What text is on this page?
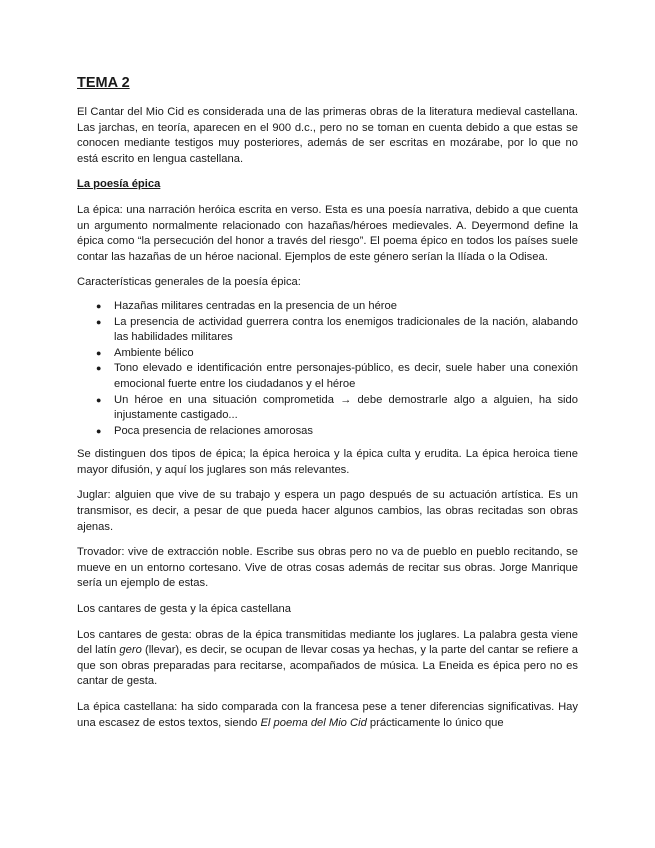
TEMA 2

El Cantar del Mio Cid es considerada una de las primeras obras de la literatura medieval castellana. Las jarchas, en teoría, aparecen en el 900 d.c., pero no se toman en cuenta debido a que estas se conocen mediante testigos muy posteriores, además de ser escritas en mozárabe, por lo que no está escrito en lengua castellana.

La poesía épica

La épica: una narración heróica escrita en verso. Esta es una poesía narrativa, debido a que cuenta un argumento normalmente relacionado con hazañas/héroes medievales. A. Deyermond define la épica como “la persecución del honor a través del riesgo”. El poema épico en todos los países suele contar las hazañas de un héroe nacional. Ejemplos de este género serían la Ilíada o la Odisea.

Características generales de la poesía épica:

● Hazañas militares centradas en la presencia de un héroe
● La presencia de actividad guerrera contra los enemigos tradicionales de la nación, alabando las habilidades militares
● Ambiente bélico
● Tono elevado e identificación entre personajes-público, es decir, suele haber una conexión emocional fuerte entre los ciudadanos y el héroe
● Un héroe en una situación comprometida → debe demostrarle algo a alguien, ha sido injustamente castigado...
● Poca presencia de relaciones amorosas

Se distinguen dos tipos de épica; la épica heroica y la épica culta y erudita. La épica heroica tiene mayor difusión, y aquí los juglares son más relevantes.

Juglar: alguien que vive de su trabajo y espera un pago después de su actuación artística. Es un transmisor, es decir, a pesar de que pueda hacer algunos cambios, las obras recitadas son obras ajenas.

Trovador: vive de extracción noble. Escribe sus obras pero no va de pueblo en pueblo recitando, se mueve en un entorno cortesano. Vive de otras cosas además de recitar sus obras. Jorge Manrique sería un ejemplo de estas.

Los cantares de gesta y la épica castellana

Los cantares de gesta: obras de la épica transmitidas mediante los juglares. La palabra gesta viene del latín gero (llevar), es decir, se ocupan de llevar cosas ya hechas, y la parte del cantar se refiere a que son obras preparadas para recitarse, acompañados de música. La Eneida es épica pero no es cantar de gesta.

La épica castellana: ha sido comparada con la francesa pese a tener diferencias significativas. Hay una escasez de estos textos, siendo El poema del Mio Cid prácticamente lo único que
